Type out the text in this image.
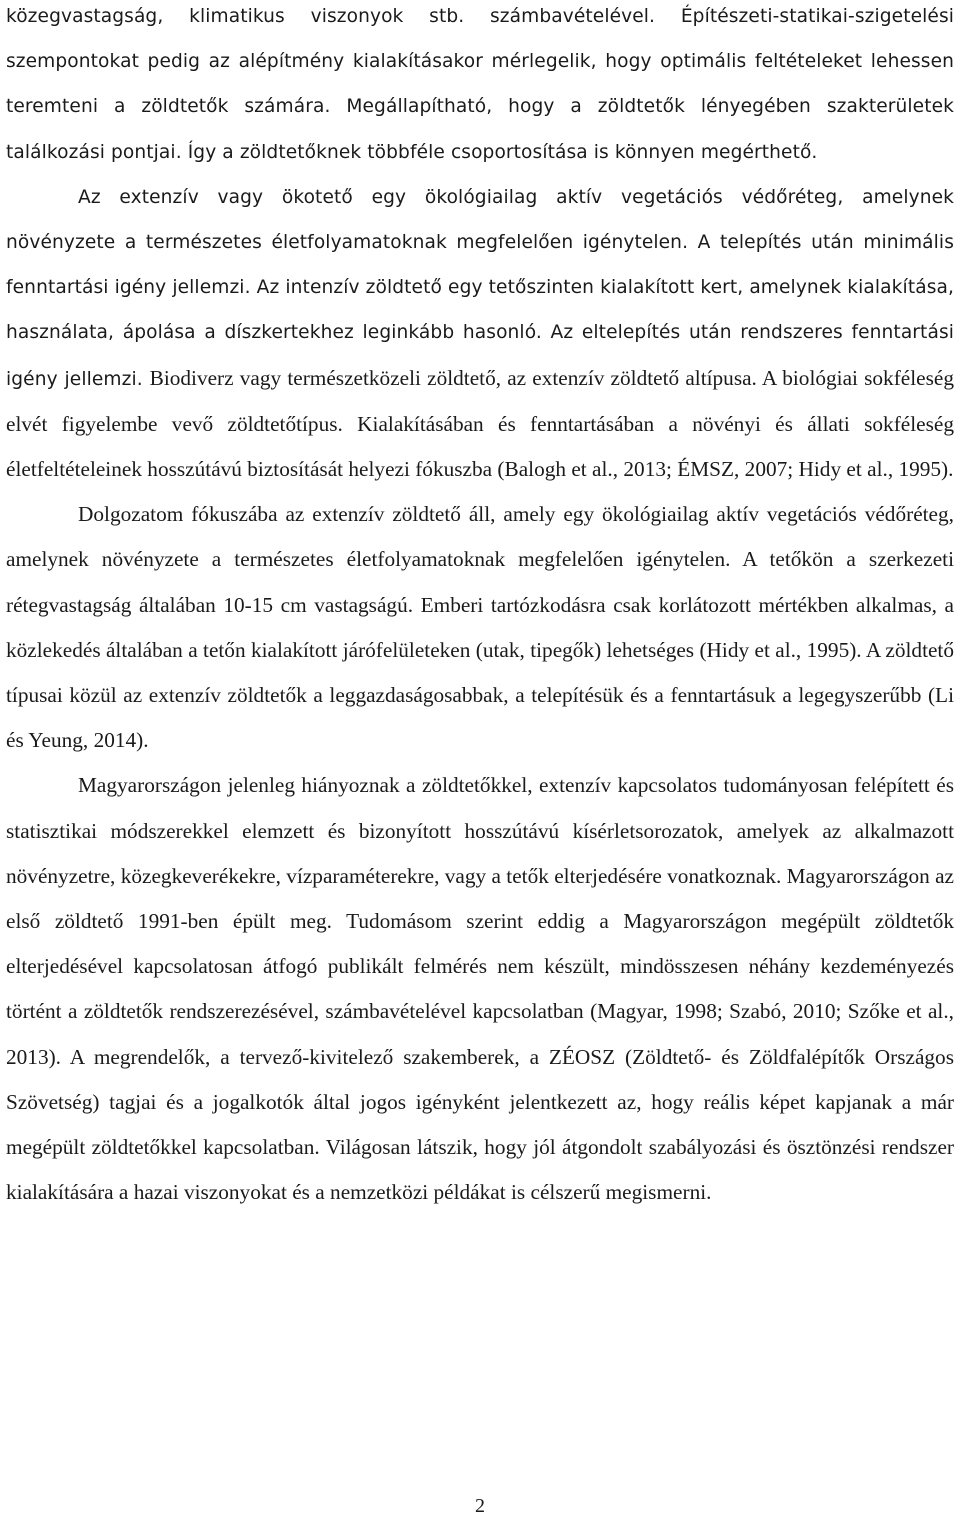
közegvastagság, klimatikus viszonyok stb. számbavételével. Építészeti-statikai-szigetelési szempontokat pedig az alépítmény kialakításakor mérlegelik, hogy optimális feltételeket lehessen teremteni a zöldtetők számára. Megállapítható, hogy a zöldtetők lényegében szakterületek találkozási pontjai. Így a zöldtetőknek többféle csoportosítása is könnyen megérthető.

Az extenzív vagy ökotető egy ökológiailag aktív vegetációs védőréteg, amelynek növényzete a természetes életfolyamatoknak megfelelően igénytelen. A telepítés után minimális fenntartási igény jellemzi. Az intenzív zöldtető egy tetőszinten kialakított kert, amelynek kialakítása, használata, ápolása a díszkertekhez leginkább hasonló. Az eltelepítés után rendszeres fenntartási igény jellemzi. Biodiverz vagy természetközeli zöldtető, az extenzív zöldtető altípusa. A biológiai sokféleség elvét figyelembe vevő zöldtetőtípus. Kialakításában és fenntartásában a növényi és állati sokféleség életfeltételeinek hosszútávú biztosítását helyezi fókuszba (Balogh et al., 2013; ÉMSZ, 2007; Hidy et al., 1995).

Dolgozatom fókuszába az extenzív zöldtető áll, amely egy ökológiailag aktív vegetációs védőréteg, amelynek növényzete a természetes életfolyamatoknak megfelelően igénytelen. A tetőkön a szerkezeti rétegvastagság általában 10-15 cm vastagságú. Emberi tartózkodásra csak korlátozott mértékben alkalmas, a közlekedés általában a tetőn kialakított járófelületeken (utak, tipegők) lehetséges (Hidy et al., 1995). A zöldtető típusai közül az extenzív zöldtetők a leggazdaságosabbak, a telepítésük és a fenntartásuk a legegyszerűbb (Li és Yeung, 2014).

Magyarországon jelenleg hiányoznak a zöldtetőkkel, extenzív kapcsolatos tudományosan felépített és statisztikai módszerekkel elemzett és bizonyított hosszútávú kísérletsorozatok, amelyek az alkalmazott növényzetre, közegkeverékekre, vízparaméterekre, vagy a tetők elterjedésére vonatkoznak. Magyarországon az első zöldtető 1991-ben épült meg. Tudomásom szerint eddig a Magyarországon megépült zöldtetők elterjedésével kapcsolatosan átfogó publikált felmérés nem készült, mindösszesen néhány kezdeményezés történt a zöldtetők rendszerezésével, számbavételével kapcsolatban (Magyar, 1998; Szabó, 2010; Szőke et al., 2013). A megrendelők, a tervező-kivitelező szakemberek, a ZÉOSZ (Zöldtető- és Zöldfalépítők Országos Szövetség) tagjai és a jogalkotók által jogos igényként jelentkezett az, hogy reális képet kapjanak a már megépült zöldtetőkkel kapcsolatban. Világosan látszik, hogy jól átgondolt szabályozási és ösztönzési rendszer kialakítására a hazai viszonyokat és a nemzetközi példákat is célszerű megismerni.

2
